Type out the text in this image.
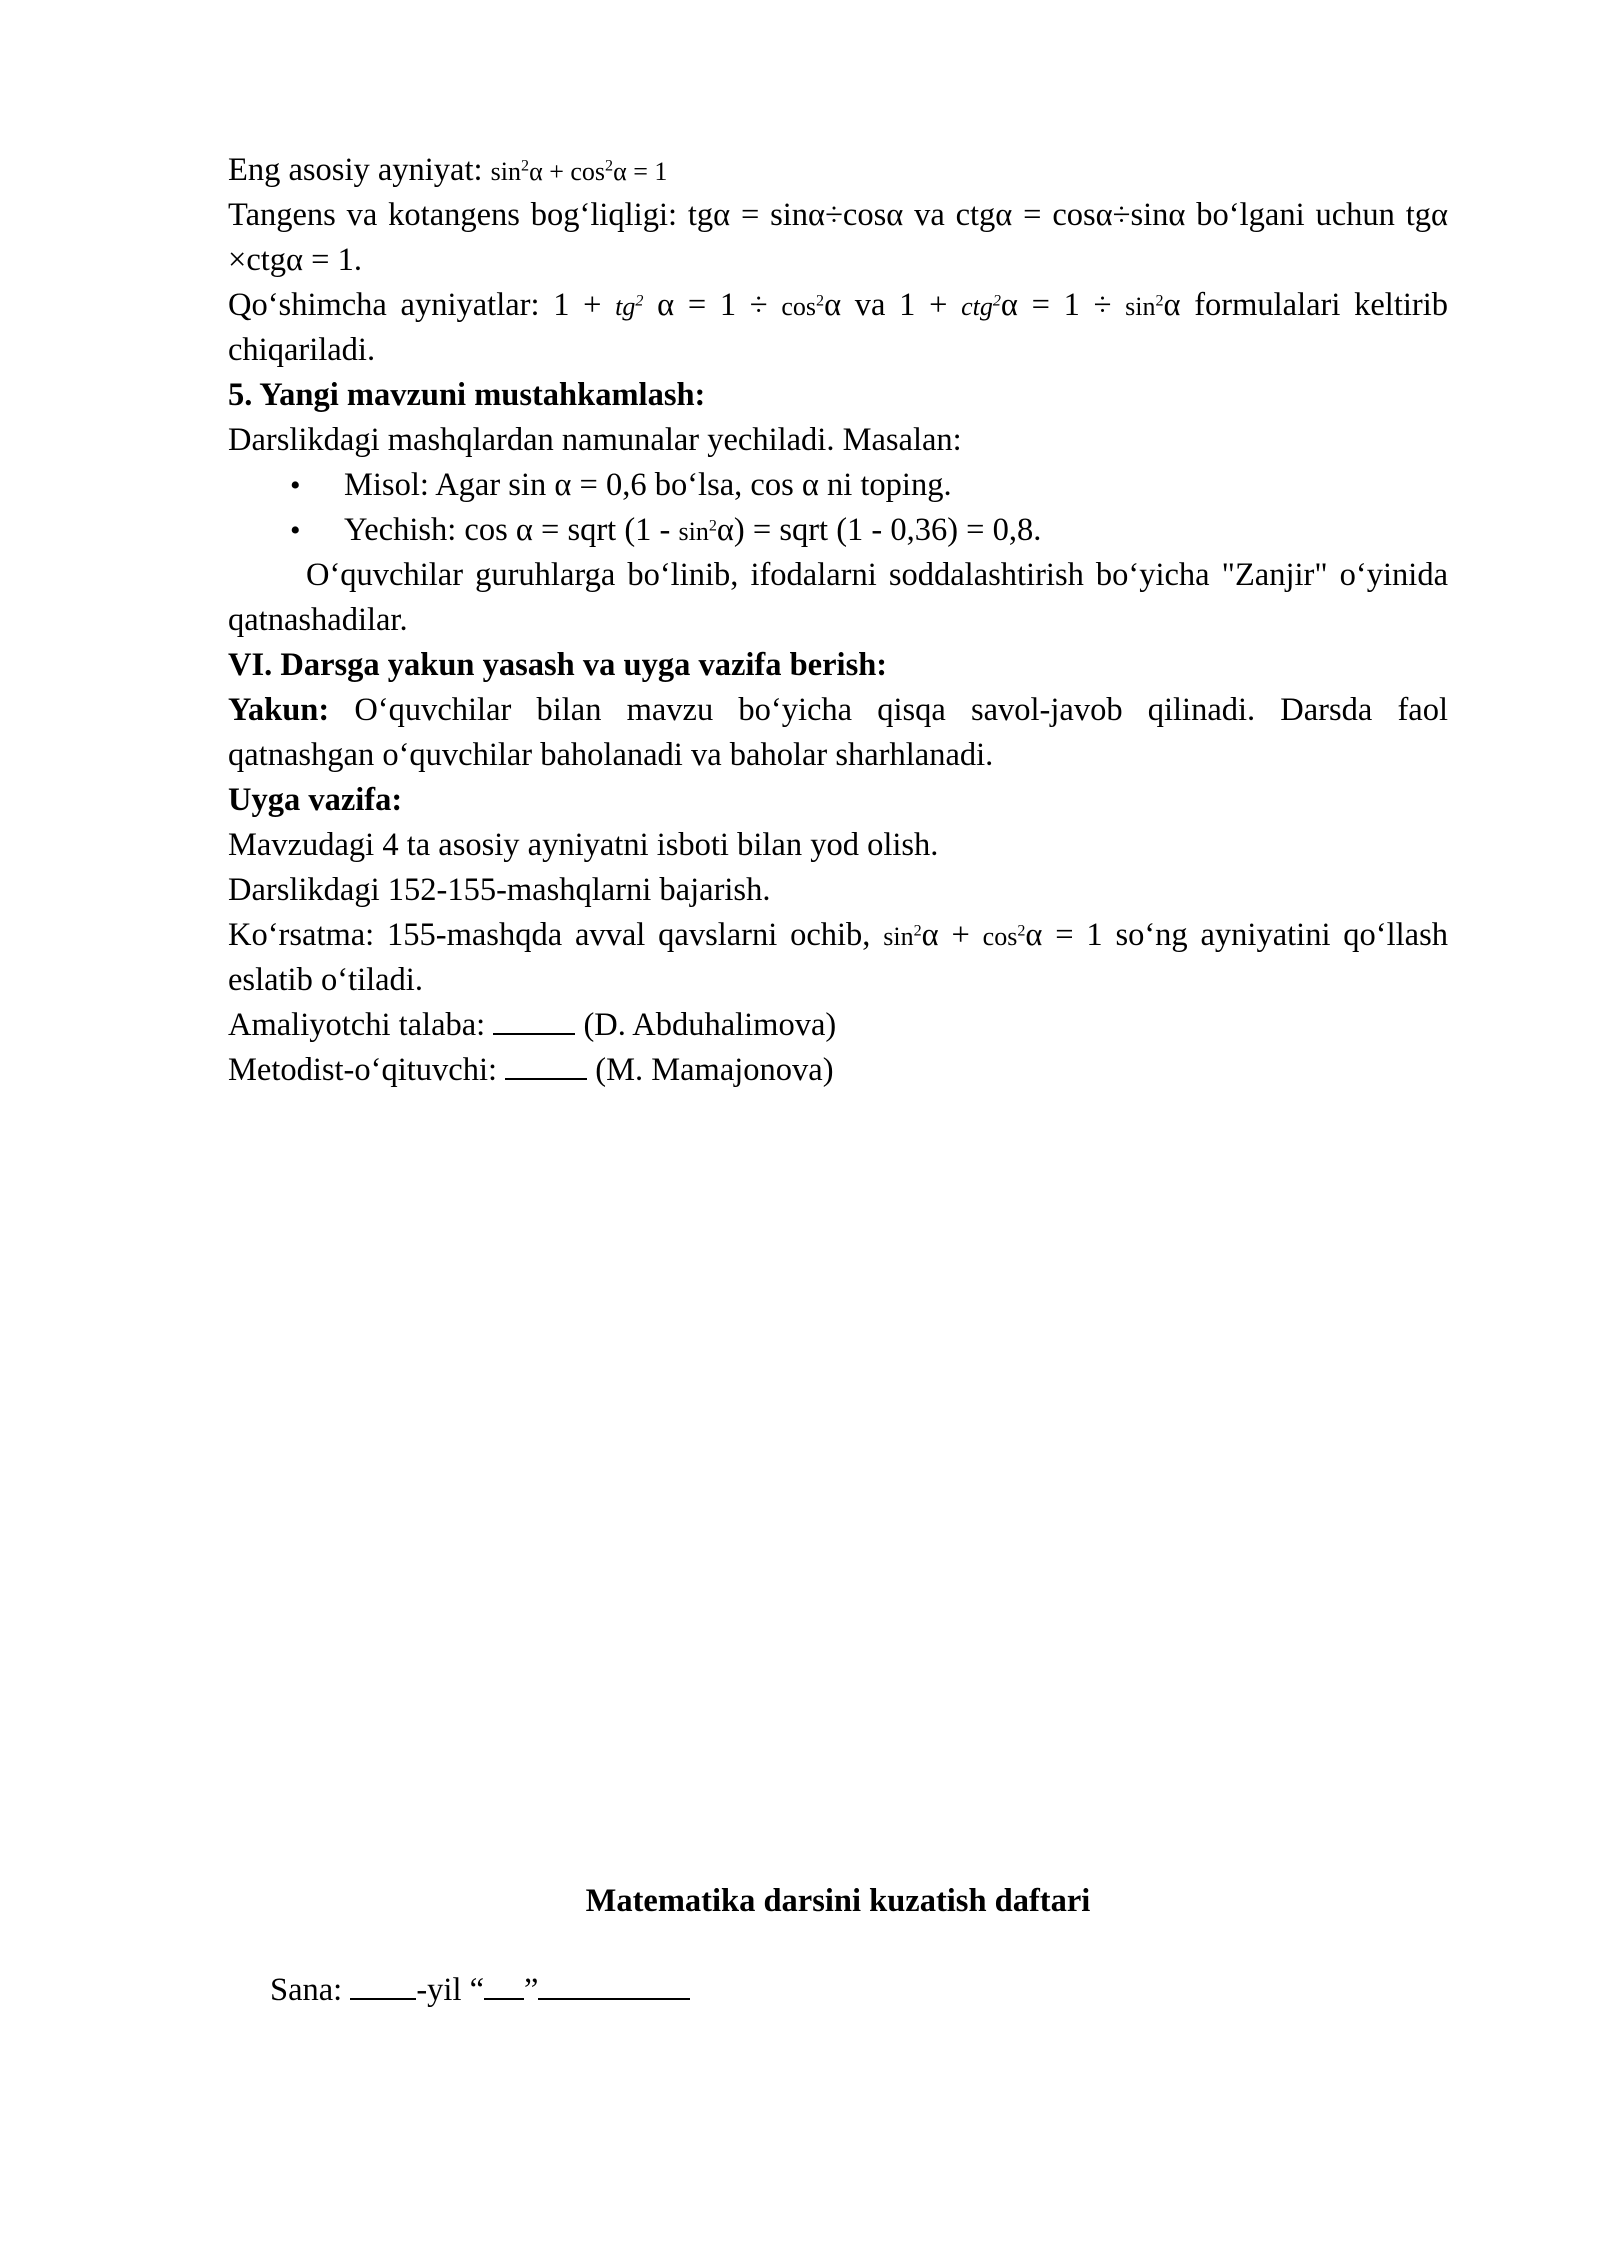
Eng asosiy ayniyat: $\sin^2\alpha + \cos^2\alpha = 1$

Tangens va kotangens bog‘liqligi: tgα = sinα÷cosα va ctgα = cosα÷sinα bo‘lgani uchun tgα ×ctgα = 1.

Qo‘shimcha ayniyatlar: $1 + tg^2$ $\alpha = 1 \div \cos^2\alpha$ va $1 + ctg^2\alpha = 1 \div \sin^2\alpha$ formulalari keltirib chiqariladi.

5. Yangi mavzuni mustahkamlash:

Darslikdagi mashqlardan namunalar yechiladi. Masalan:

• Misol: Agar sin α = 0,6 bo‘lsa, cos α ni toping.
• Yechish: cos α = sqrt $(1 - \sin^2\alpha)$ = sqrt (1 - 0,36) = 0,8.

O‘quvchilar guruhlarga bo‘linib, ifodalarni soddalashtirish bo‘yicha "Zanjir" o‘yinida qatnashadilar.

VI. Darsga yakun yasash va uyga vazifa berish:

Yakun: O‘quvchilar bilan mavzu bo‘yicha qisqa savol-javob qilinadi. Darsda faol qatnashgan o‘quvchilar baholanadi va baholar sharhlanadi.

Uyga vazifa:

Mavzudagi 4 ta asosiy ayniyatni isboti bilan yod olish.

Darslikdagi 152-155-mashqlarni bajarish.

Ko‘rsatma: 155-mashqda avval qavslarni ochib, $\sin^2\alpha + \cos^2\alpha = 1$ so‘ng ayniyatini qo‘llash eslatib o‘tiladi.

Amaliyotchi talaba:	(D. Abduhalimova)

Metodist-o‘qituvchi:	(M. Mamajonova)

Matematika darsini kuzatish daftari

Sana: -yil “ ”
